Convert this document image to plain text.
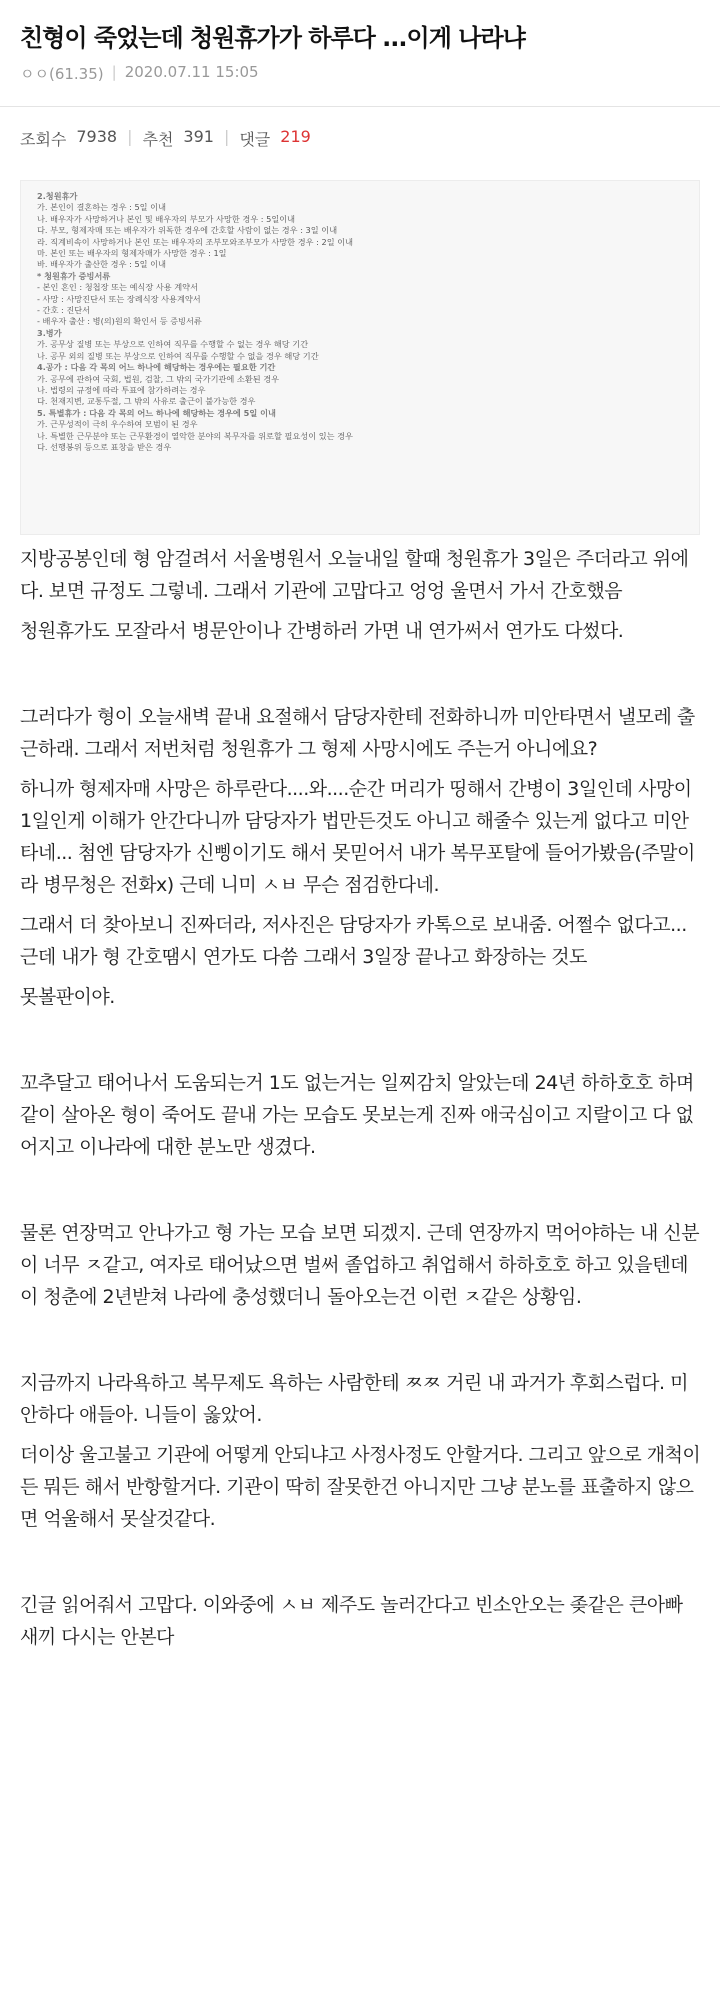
친형이 죽었는데 청원휴가가 하루다 ...이게 나라냐
ㅇㅇ(61.35) | 2020.07.11 15:05
조회수 7938 | 추천 391 | 댓글 219
2.청원휴가
가. 본인이 결혼하는 경우 : 5일 이내
나. 배우자가 사망하거나 본인 및 배우자의 부모가 사망한 경우 : 5일이내
다. 부모, 형제자매 또는 배우자가 위독한 경우에 간호할 사람이 없는 경우 : 3일 이내
라. 직계비속이 사망하거나 본인 또는 배우자의 조부모와조부모가 사망한 경우 : 2일 이내
마. 본인 또는 배우자의 형제자매가 사망한 경우 : 1일
바. 배우자가 출산한 경우 : 5일 이내
* 청원휴가 증빙서류
- 본인 혼인 : 청첩장 또는 예식장 사용 계약서
- 사망 : 사망진단서 또는 장례식장 사용계약서
- 간호 : 진단서
- 배우자 출산 : 병(의)원의 확인서 등 증빙서류
3.병가
가. 공무상 질병 또는 부상으로 인하여 직무를 수행할 수 없는 경우 해당 기간
나. 공무 외의 질병 또는 부상으로 인하여 직무를 수행할 수 없을 경우 해당 기간
4.공가 : 다음 각 목의 어느 하나에 해당하는 경우에는 필요한 기간
가. 공무에 관하여 국회, 법원, 검찰, 그 밖의 국가기관에 소환된 경우
나. 법령의 규정에 따라 투표에 참가하려는 경우
다. 천재지변, 교통두절, 그 밖의 사유로 출근이 불가능한 경우
5. 특별휴가 : 다음 각 목의 어느 하나에 해당하는 경우에 5일 이내
가. 근무성적이 극히 우수하여 모범이 된 경우
나. 특별한 근무분야 또는 근무환경이 열악한 분야의 복무자를 위로할 필요성이 있는 경우
다. 선행봉위 등으로 표창을 받은 경우

지방공봉인데 형 암걸려서 서울병원서 오늘내일 할때 청원휴가 3일은 주더라고 위에 다. 보면 규정도 그렇네. 그래서 기관에 고맙다고 엉엉 울면서 가서 간호했음

청원휴가도 모잘라서 병문안이나 간병하러 가면 내 연가써서 연가도 다썼다.

그러다가 형이 오늘새벽 끝내 요절해서 담당자한테 전화하니까 미안타면서 낼모레 출근하래. 그래서 저번처럼 청원휴가 그 형제 사망시에도 주는거 아니에요?

하니까 형제자매 사망은 하루란다....와....순간 머리가 띵해서 간병이 3일인데 사망이 1일인게 이해가 안간다니까 담당자가 법만든것도 아니고 해줄수 있는게 없다고 미안타네... 첨엔 담당자가 신삥이기도 해서 못믿어서 내가 복무포탈에 들어가봤음(주말이라 병무청은 전화x) 근데 니미 ㅅㅂ 무슨 점검한다네.

그래서 더 찾아보니 진짜더라, 저사진은 담당자가 카톡으로 보내줌. 어쩔수 없다고... 근데 내가 형 간호땜시 연가도 다씀 그래서 3일장 끝나고 화장하는 것도

못볼판이야.

꼬추달고 태어나서 도움되는거 1도 없는거는 일찌감치 알았는데 24년 하하호호 하며 같이 살아온 형이 죽어도 끝내 가는 모습도 못보는게 진짜 애국심이고 지랄이고 다 없어지고 이나라에 대한 분노만 생겼다.

물론 연장먹고 안나가고 형 가는 모습 보면 되겠지. 근데 연장까지 먹어야하는 내 신분이 너무 ㅈ같고, 여자로 태어났으면 벌써 졸업하고 취업해서 하하호호 하고 있을텐데 이 청춘에 2년받쳐 나라에 충성했더니 돌아오는건 이런 ㅈ같은 상황임.

지금까지 나라욕하고 복무제도 욕하는 사람한테 ㅉㅉ 거린 내 과거가 후회스럽다. 미안하다 애들아. 니들이 옳았어.

더이상 울고불고 기관에 어떻게 안되냐고 사정사정도 안할거다. 그리고 앞으로 개척이든 뭐든 해서 반항할거다. 기관이 딱히 잘못한건 아니지만 그냥 분노를 표출하지 않으면 억울해서 못살것같다.

긴글 읽어줘서 고맙다. 이와중에 ㅅㅂ 제주도 놀러간다고 빈소안오는 좆같은 큰아빠 새끼 다시는 안본다
